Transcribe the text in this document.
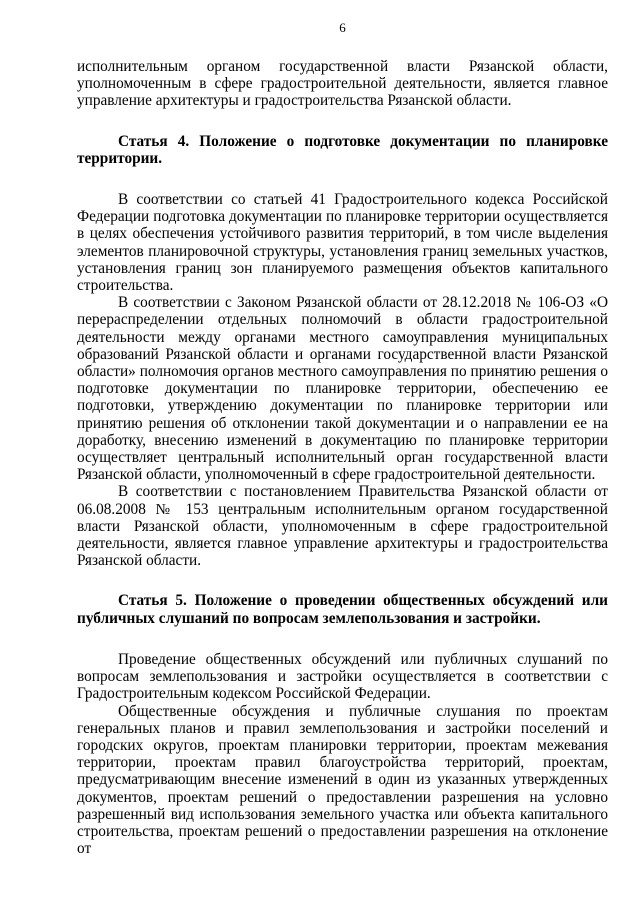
6

исполнительным органом государственной власти Рязанской области, уполномоченным в сфере градостроительной деятельности, является главное управление архитектуры и градостроительства Рязанской области.

Статья 4. Положение о подготовке документации по планировке территории.

В соответствии со статьей 41 Градостроительного кодекса Российской Федерации подготовка документации по планировке территории осуществляется в целях обеспечения устойчивого развития территорий, в том числе выделения элементов планировочной структуры, установления границ земельных участков, установления границ зон планируемого размещения объектов капитального строительства.

В соответствии с Законом Рязанской области от 28.12.2018 № 106-ОЗ «О перераспределении отдельных полномочий в области градостроительной деятельности между органами местного самоуправления муниципальных образований Рязанской области и органами государственной власти Рязанской области» полномочия органов местного самоуправления по принятию решения о подготовке документации по планировке территории, обеспечению ее подготовки, утверждению документации по планировке территории или принятию решения об отклонении такой документации и о направлении ее на доработку, внесению изменений в документацию по планировке территории осуществляет центральный исполнительный орган государственной власти Рязанской области, уполномоченный в сфере градостроительной деятельности.

В соответствии с постановлением Правительства Рязанской области от 06.08.2008 № 153 центральным исполнительным органом государственной власти Рязанской области, уполномоченным в сфере градостроительной деятельности, является главное управление архитектуры и градостроительства Рязанской области.

Статья 5. Положение о проведении общественных обсуждений или публичных слушаний по вопросам землепользования и застройки.

Проведение общественных обсуждений или публичных слушаний по вопросам землепользования и застройки осуществляется в соответствии с Градостроительным кодексом Российской Федерации.

Общественные обсуждения и публичные слушания по проектам генеральных планов и правил землепользования и застройки поселений и городских округов, проектам планировки территории, проектам межевания территории, проектам правил благоустройства территорий, проектам, предусматривающим внесение изменений в один из указанных утвержденных документов, проектам решений о предоставлении разрешения на условно разрешенный вид использования земельного участка или объекта капитального строительства, проектам решений о предоставлении разрешения на отклонение от
